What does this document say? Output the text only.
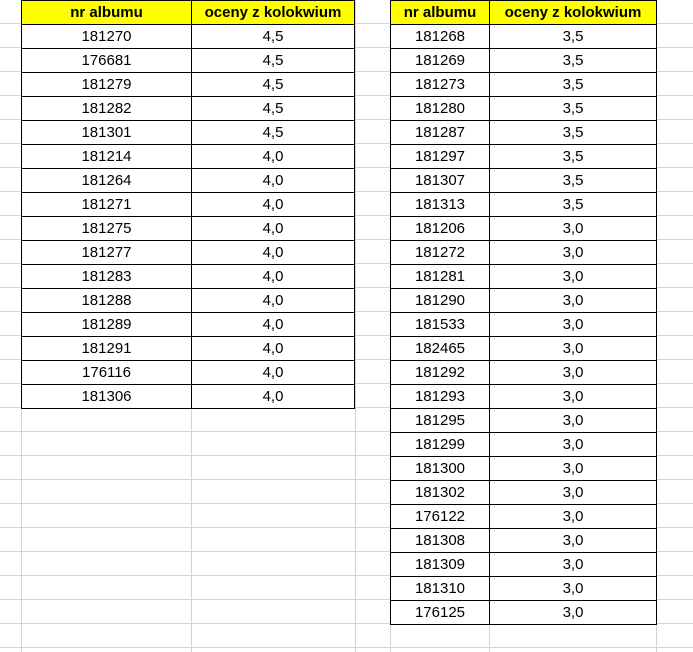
nr albumu	oceny z kolokwium
181270	4,5
176681	4,5
181279	4,5
181282	4,5
181301	4,5
181214	4,0
181264	4,0
181271	4,0
181275	4,0
181277	4,0
181283	4,0
181288	4,0
181289	4,0
181291	4,0
176116	4,0
181306	4,0
nr albumu	oceny z kolokwium
181268	3,5
181269	3,5
181273	3,5
181280	3,5
181287	3,5
181297	3,5
181307	3,5
181313	3,5
181206	3,0
181272	3,0
181281	3,0
181290	3,0
181533	3,0
182465	3,0
181292	3,0
181293	3,0
181295	3,0
181299	3,0
181300	3,0
181302	3,0
176122	3,0
181308	3,0
181309	3,0
181310	3,0
176125	3,0
